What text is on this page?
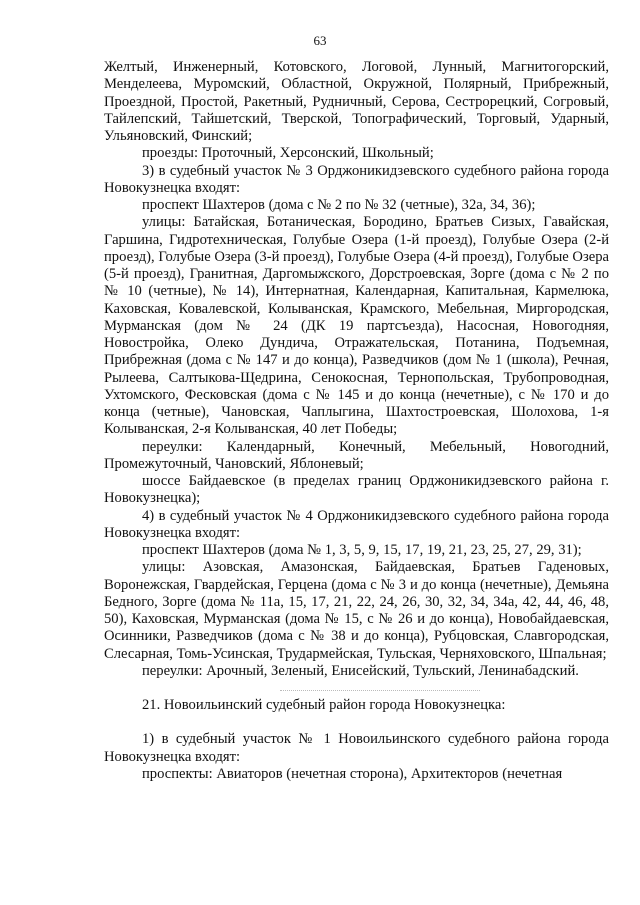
63

Желтый, Инженерный, Котовского, Логовой, Лунный, Магнитогорский, Менделеева, Муромский, Областной, Окружной, Полярный, Прибрежный, Проездной, Простой, Ракетный, Рудничный, Серова, Сестрорецкий, Согровый, Тайлепский, Тайшетский, Тверской, Топографический, Торговый, Ударный, Ульяновский, Финский;

проезды: Проточный, Херсонский, Школьный;

3) в судебный участок № 3 Орджоникидзевского судебного района города Новокузнецка входят:

проспект Шахтеров (дома с № 2 по № 32 (четные), 32а, 34, 36);

улицы: Батайская, Ботаническая, Бородино, Братьев Сизых, Гавайская, Гаршина, Гидротехническая, Голубые Озера (1-й проезд), Голубые Озера (2-й проезд), Голубые Озера (3-й проезд), Голубые Озера (4-й проезд), Голубые Озера (5-й проезд), Гранитная, Даргомыжского, Дорстроевская, Зорге (дома с № 2 по № 10 (четные), № 14), Интернатная, Календарная, Капитальная, Кармелюка, Каховская, Ковалевской, Колыванская, Крамского, Мебельная, Миргородская, Мурманская (дом № 24 (ДК 19 партсъезда), Насосная, Новогодняя, Новостройка, Олеко Дундича, Отражательская, Потанина, Подъемная, Прибрежная (дома с № 147 и до конца), Разведчиков (дом № 1 (школа), Речная, Рылеева, Салтыкова-Щедрина, Сенокосная, Тернопольская, Трубопроводная, Ухтомского, Фесковская (дома с № 145 и до конца (нечетные), с № 170 и до конца (четные), Чановская, Чаплыгина, Шахтостроевская, Шолохова, 1-я Колыванская, 2-я Колыванская, 40 лет Победы;

переулки: Календарный, Конечный, Мебельный, Новогодний, Промежуточный, Чановский, Яблоневый;

шоссе Байдаевское (в пределах границ Орджоникидзевского района г. Новокузнецка);

4) в судебный участок № 4 Орджоникидзевского судебного района города Новокузнецка входят:

проспект Шахтеров (дома № 1, 3, 5, 9, 15, 17, 19, 21, 23, 25, 27, 29, 31);

улицы: Азовская, Амазонская, Байдаевская, Братьев Гаденовых, Воронежская, Гвардейская, Герцена (дома с № 3 и до конца (нечетные), Демьяна Бедного, Зорге (дома № 11а, 15, 17, 21, 22, 24, 26, 30, 32, 34, 34а, 42, 44, 46, 48, 50), Каховская, Мурманская (дома № 15, с № 26 и до конца), Новобайдаевская, Осинники, Разведчиков (дома с № 38 и до конца), Рубцовская, Славгородская, Слесарная, Томь-Усинская, Трудармейская, Тульская, Черняховского, Шпальная;

переулки: Арочный, Зеленый, Енисейский, Тульский, Ленинабадский.

21. Новоильинский судебный район города Новокузнецка:

1) в судебный участок № 1 Новоильинского судебного района города Новокузнецка входят:

проспекты: Авиаторов (нечетная сторона), Архитекторов (нечетная
